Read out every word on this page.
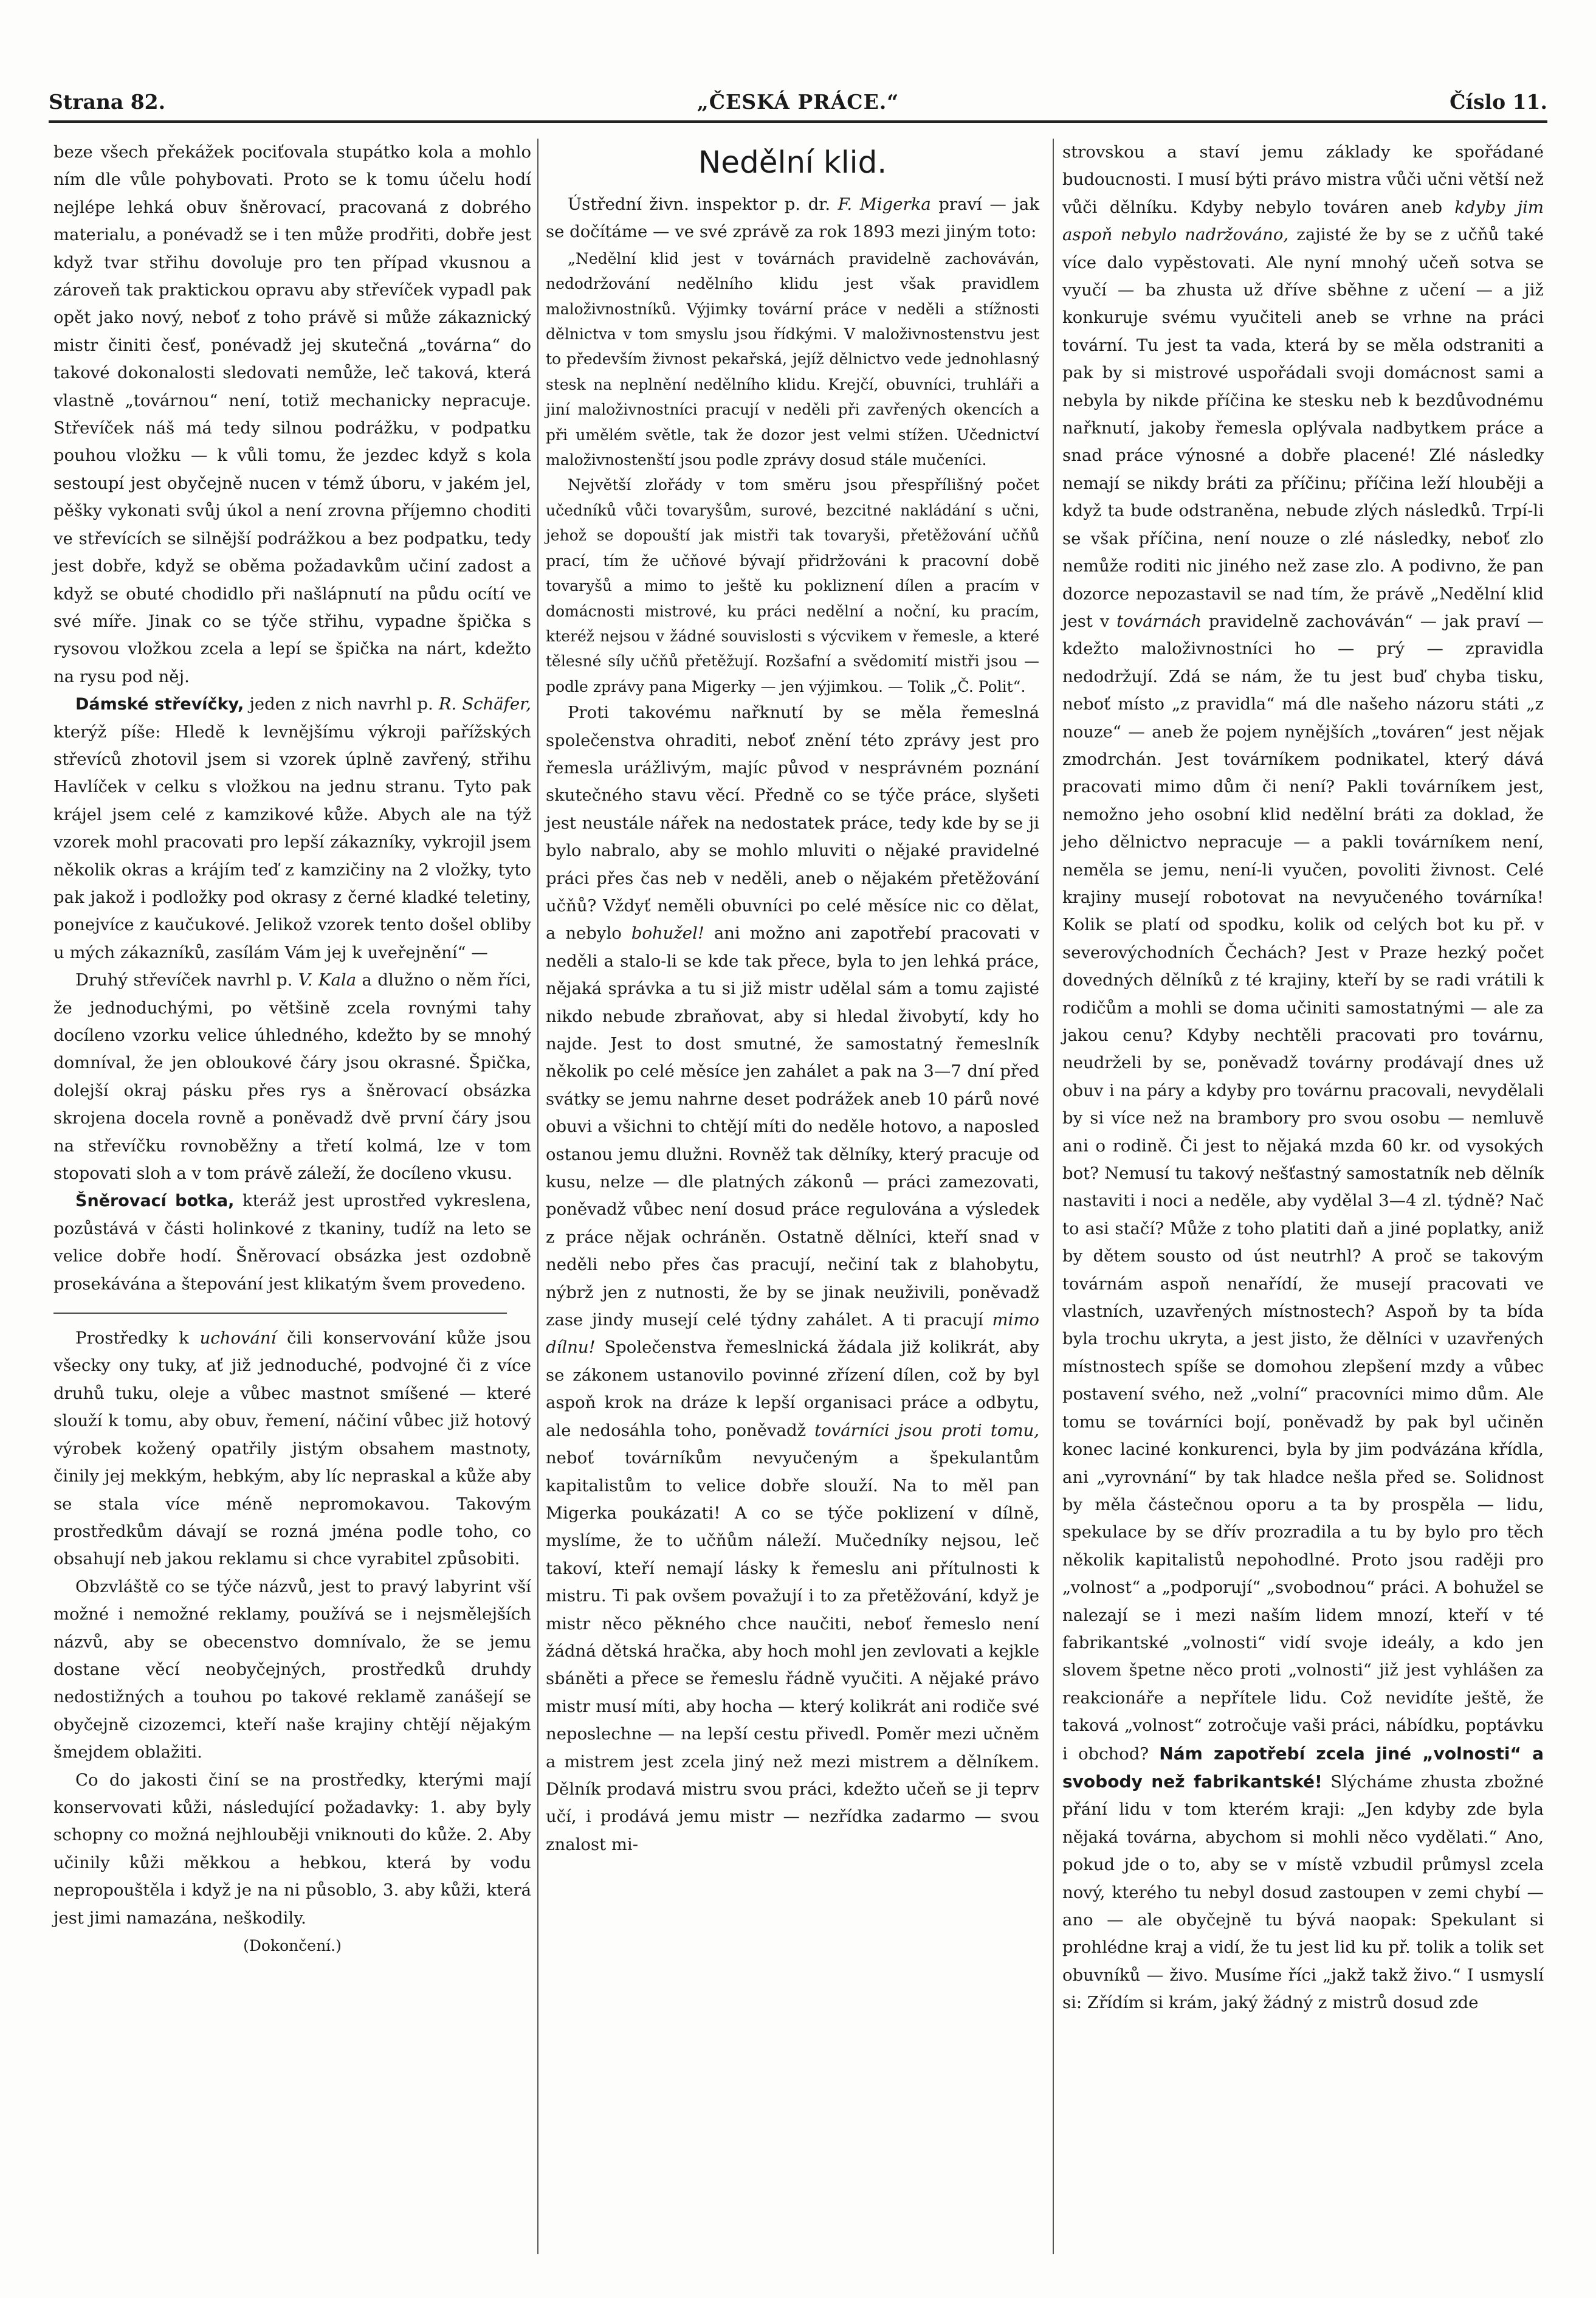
Strana 82.	„ČESKÁ PRÁCE.“	Číslo 11.

beze všech překážek pociťovala stupátko kola a mohlo ním dle vůle pohybovati. Proto se k tomu účelu hodí nejlépe lehká obuv šněrovací, pracovaná z dobrého materialu, a ponévadž se i ten může prodřiti, dobře jest když tvar střihu dovoluje pro ten případ vkusnou a zároveň tak praktickou opravu aby střevíček vypadl pak opět jako nový, neboť z toho právě si může zákaznický mistr činiti česť, ponévadž jej skutečná „továrna“ do takové dokonalosti sledovati nemůže, leč taková, která vlastně „továrnou“ není, totiž mechanicky nepracuje. Střevíček náš má tedy silnou podrážku, v podpatku pouhou vložku — k vůli tomu, že jezdec když s kola sestoupí jest obyčejně nucen v témž úboru, v jakém jel, pěšky vykonati svůj úkol a není zrovna příjemno choditi ve střevících se silnější podrážkou a bez podpatku, tedy jest dobře, když se oběma požadavkům učiní zadost a když se obuté chodidlo při našlápnutí na půdu ocítí ve své míře. Jinak co se týče střihu, vypadne špička s rysovou vložkou zcela a lepí se špička na nárt, kdežto na rysu pod něj.

Dámské střevíčky, jeden z nich navrhl p. R. Schäfer, kterýž píše: Hledě k levnějšímu výkroji pařížských střevíců zhotovil jsem si vzorek úplně zavřený, střihu Havlíček v celku s vložkou na jednu stranu. Tyto pak krájel jsem celé z kamzikové kůže. Abych ale na týž vzorek mohl pracovati pro lepší zákazníky, vykrojil jsem několik okras a krájím teď z kamzičiny na 2 vložky, tyto pak jakož i podložky pod okrasy z černé kladké teletiny, ponejvíce z kaučukové. Jelikož vzorek tento došel obliby u mých zákazníků, zasílám Vám jej k uveřejnění“ —

Druhý střevíček navrhl p. V. Kala a dlužno o něm říci, že jednoduchými, po většině zcela rovnými tahy docíleno vzorku velice úhledného, kdežto by se mnohý domníval, že jen obloukové čáry jsou okrasné. Špička, dolejší okraj pásku přes rys a šněrovací obsázka skrojena docela rovně a poněvadž dvě první čáry jsou na střevíčku rovnoběžny a třetí kolmá, lze v tom stopovati sloh a v tom právě záleží, že docíleno vkusu.

Šněrovací botka, kteráž jest uprostřed vykreslena, pozůstává v části holinkové z tkaniny, tudíž na leto se velice dobře hodí. Šněrovací obsázka jest ozdobně prosekávána a štepování jest klikatým švem provedeno.

Prostředky k uchování čili konservování kůže jsou všecky ony tuky, ať již jednoduché, podvojné či z více druhů tuku, oleje a vůbec mastnot smíšené — které slouží k tomu, aby obuv, řemení, náčiní vůbec již hotový výrobek kožený opatřily jistým obsahem mastnoty, činily jej mekkým, hebkým, aby líc nepraskal a kůže aby se stala více méně nepromokavou. Takovým prostředkům dávají se rozná jména podle toho, co obsahují neb jakou reklamu si chce vyrabitel způsobiti.

Obzvláště co se týče názvů, jest to pravý labyrint vší možné i nemožné reklamy, používá se i nejsmělejších názvů, aby se obecenstvo domnívalo, že se jemu dostane věcí neobyčejných, prostředků druhdy nedostižných a touhou po takové reklamě zanášejí se obyčejně cizozemci, kteří naše krajiny chtějí nějakým šmejdem oblažiti.

Co do jakosti činí se na prostředky, kterými mají konservovati kůži, následující požadavky: 1. aby byly schopny co možná nejhlouběji vniknouti do kůže. 2. Aby učinily kůži měkkou a hebkou, která by vodu nepropouštěla i když je na ni působlo, 3. aby kůži, která jest jimi namazána, neškodily.

(Dokončení.)

Nedělní klid.

Ústřední živn. inspektor p. dr. F. Migerka praví — jak se dočítáme — ve své zprávě za rok 1893 mezi jiným toto:

„Nedělní klid jest v továrnách pravidelně zachováván, nedodržování nedělního klidu jest však pravidlem maloživnostníků. Výjimky tovární práce v neděli a stížnosti dělnictva v tom smyslu jsou řídkými. V maloživnostenstvu jest to především živnost pekařská, jejíž dělnictvo vede jednohlasný stesk na neplnění nedělního klidu. Krejčí, obuvníci, truhláři a jiní maloživnostníci pracují v neděli při zavřených okencích a při umělém světle, tak že dozor jest velmi stížen. Učednictví maloživnostenští jsou podle zprávy dosud stále mučeníci.

Největší zlořády v tom směru jsou přespřílišný počet učedníků vůči tovaryšům, surové, bezcitné nakládání s učni, jehož se dopouští jak mistři tak tovaryši, přetěžování učňů prací, tím že učňové bývají přidržováni k pracovní době tovaryšů a mimo to ještě ku pokliznení dílen a pracím v domácnosti mistrové, ku práci nedělní a noční, ku pracím, kteréž nejsou v žádné souvislosti s výcvikem v řemesle, a které tělesné síly učňů přetěžují. Rozšafní a svědomití mistři jsou — podle zprávy pana Migerky — jen výjimkou. — Tolik „Č. Polit“.

Proti takovému nařknutí by se měla řemeslná společenstva ohraditi, neboť znění této zprávy jest pro řemesla urážlivým, majíc původ v nesprávném poznání skutečného stavu věcí. Předně co se týče práce, slyšeti jest neustále nářek na nedostatek práce, tedy kde by se ji bylo nabralo, aby se mohlo mluviti o nějaké pravidelné práci přes čas neb v neděli, aneb o nějakém přetěžování učňů? Vždyť neměli obuvníci po celé měsíce nic co dělat, a nebylo bohužel! ani možno ani zapotřebí pracovati v neděli a stalo-li se kde tak přece, byla to jen lehká práce, nějaká správka a tu si již mistr udělal sám a tomu zajisté nikdo nebude zbraňovat, aby si hledal živobytí, kdy ho najde. Jest to dost smutné, že samostatný řemeslník několik po celé měsíce jen zahálet a pak na 3—7 dní před svátky se jemu nahrne deset podrážek aneb 10 párů nové obuvi a všichni to chtějí míti do neděle hotovo, a naposled ostanou jemu dlužni. Rovněž tak dělníky, který pracuje od kusu, nelze — dle platných zákonů — práci zamezovati, poněvadž vůbec není dosud práce regulována a výsledek z práce nějak ochráněn. Ostatně dělníci, kteří snad v neděli nebo přes čas pracují, nečiní tak z blahobytu, nýbrž jen z nutnosti, že by se jinak neuživili, poněvadž zase jindy musejí celé týdny zahálet. A ti pracují mimo dílnu! Společenstva řemeslnická žádala již kolikrát, aby se zákonem ustanovilo povinné zřízení dílen, což by byl aspoň krok na dráze k lepší organisaci práce a odbytu, ale nedosáhla toho, poněvadž továrníci jsou proti tomu, neboť továrníkům nevyučeným a špekulantům kapitalistům to velice dobře slouží. Na to měl pan Migerka poukázati! A co se týče poklizení v dílně, myslíme, že to učňům náleží. Mučedníky nejsou, leč takoví, kteří nemají lásky k řemeslu ani přítulnosti k mistru. Ti pak ovšem považují i to za přetěžování, když je mistr něco pěkného chce naučiti, neboť řemeslo není žádná dětská hračka, aby hoch mohl jen zevlovati a kejkle sbáněti a přece se řemeslu řádně vyučiti. A nějaké právo mistr musí míti, aby hocha — který kolikrát ani rodiče své neposlechne — na lepší cestu přivedl. Poměr mezi učněm a mistrem jest zcela jiný než mezi mistrem a dělníkem. Dělník prodavá mistru svou práci, kdežto učeň se ji teprv učí, i prodává jemu mistr — nezřídka zadarmo — svou znalost mi-

strovskou a staví jemu základy ke spořádané budoucnosti. I musí býti právo mistra vůči učni větší než vůči dělníku. Kdyby nebylo továren aneb kdyby jim aspoň nebylo nadržováno, zajisté že by se z učňů také více dalo vypěstovati. Ale nyní mnohý učeň sotva se vyučí — ba zhusta už dříve sběhne z učení — a již konkuruje svému vyučiteli aneb se vrhne na práci tovární. Tu jest ta vada, která by se měla odstraniti a pak by si mistrové uspořádali svoji domácnost sami a nebyla by nikde příčina ke stesku neb k bezdůvodnému nařknutí, jakoby řemesla oplývala nadbytkem práce a snad práce výnosné a dobře placené! Zlé následky nemají se nikdy bráti za příčinu; příčina leží hlouběji a když ta bude odstraněna, nebude zlých následků. Trpí-li se však příčina, není nouze o zlé následky, neboť zlo nemůže roditi nic jiného než zase zlo. A podivno, že pan dozorce nepozastavil se nad tím, že právě „Nedělní klid jest v továrnách pravidelně zachováván“ — jak praví — kdežto maloživnostníci ho — prý — zpravidla nedodržují. Zdá se nám, že tu jest buď chyba tisku, neboť místo „z pravidla“ má dle našeho názoru státi „z nouze“ — aneb že pojem nynějších „továren“ jest nějak zmodrchán. Jest továrníkem podnikatel, který dává pracovati mimo dům či není? Pakli továrníkem jest, nemožno jeho osobní klid nedělní bráti za doklad, že jeho dělnictvo nepracuje — a pakli továrníkem není, neměla se jemu, není-li vyučen, povoliti živnost. Celé krajiny musejí robotovat na nevyučeného továrníka! Kolik se platí od spodku, kolik od celých bot ku př. v severovýchodních Čechách? Jest v Praze hezký počet dovedných dělníků z té krajiny, kteří by se radi vrátili k rodičům a mohli se doma učiniti samostatnými — ale za jakou cenu? Kdyby nechtěli pracovati pro továrnu, neudrželi by se, poněvadž továrny prodávají dnes už obuv i na páry a kdyby pro továrnu pracovali, nevydělali by si více než na brambory pro svou osobu — nemluvě ani o rodině. Či jest to nějaká mzda 60 kr. od vysokých bot? Nemusí tu takový nešťastný samostatník neb dělník nastaviti i noci a neděle, aby vydělal 3—4 zl. týdně? Nač to asi stačí? Může z toho platiti daň a jiné poplatky, aniž by dětem sousto od úst neutrhl? A proč se takovým továrnám aspoň nenařídí, že musejí pracovati ve vlastních, uzavřených místnostech? Aspoň by ta bída byla trochu ukryta, a jest jisto, že dělníci v uzavřených místnostech spíše se domohou zlepšení mzdy a vůbec postavení svého, než „volní“ pracovníci mimo dům. Ale tomu se továrníci bojí, poněvadž by pak byl učiněn konec laciné konkurenci, byla by jim podvázána křídla, ani „vyrovnání“ by tak hladce nešla před se. Solidnost by měla částečnou oporu a ta by prospěla — lidu, spekulace by se dřív prozradila a tu by bylo pro těch několik kapitalistů nepohodlné. Proto jsou raději pro „volnost“ a „podporují“ „svobodnou“ práci. A bohužel se nalezají se i mezi naším lidem mnozí, kteří v té fabrikantské „volnosti“ vidí svoje ideály, a kdo jen slovem špetne něco proti „volnosti“ již jest vyhlášen za reakcionáře a nepřítele lidu. Což nevidíte ještě, že taková „volnost“ zotročuje vaši práci, nábídku, poptávku i obchod? Nám zapotřebí zcela jiné „volnosti“ a svobody než fabrikantské! Slýcháme zhusta zbožné přání lidu v tom kterém kraji: „Jen kdyby zde byla nějaká továrna, abychom si mohli něco vydělati.“ Ano, pokud jde o to, aby se v místě vzbudil průmysl zcela nový, kterého tu nebyl dosud zastoupen v zemi chybí — ano — ale obyčejně tu bývá naopak: Spekulant si prohlédne kraj a vidí, že tu jest lid ku př. tolik a tolik set obuvníků — živo. Musíme říci „jakž takž živo.“ I usmyslí si: Zřídím si krám, jaký žádný z mistrů dosud zde
